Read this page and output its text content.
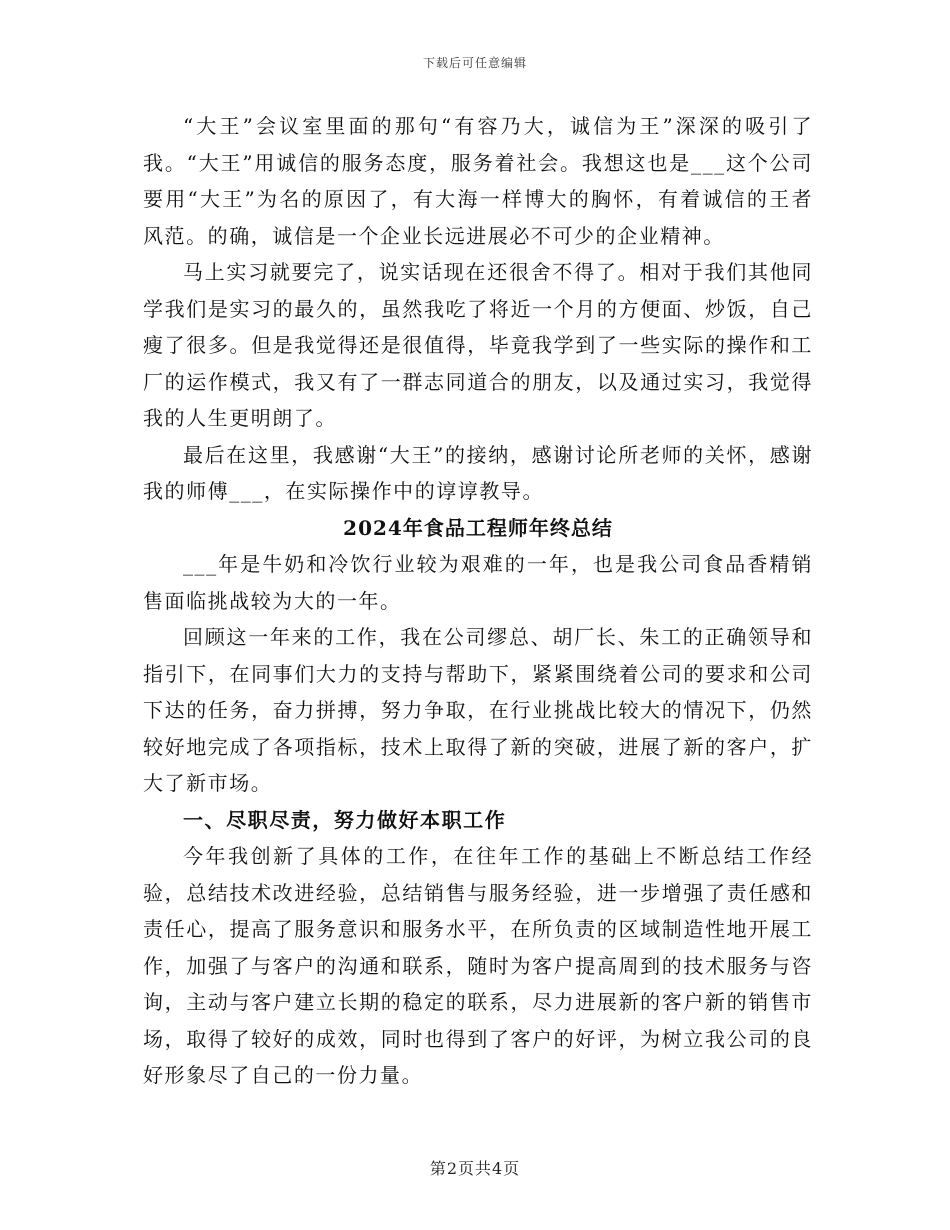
下载后可任意编辑

“大王”会议室里面的那句“有容乃大，诚信为王”深深的吸引了我。“大王”用诚信的服务态度，服务着社会。我想这也是___这个公司要用“大王”为名的原因了，有大海一样博大的胸怀，有着诚信的王者风范。的确，诚信是一个企业长远进展必不可少的企业精神。

马上实习就要完了，说实话现在还很舍不得了。相对于我们其他同学我们是实习的最久的，虽然我吃了将近一个月的方便面、炒饭，自己瘦了很多。但是我觉得还是很值得，毕竟我学到了一些实际的操作和工厂的运作模式，我又有了一群志同道合的朋友，以及通过实习，我觉得我的人生更明朗了。

最后在这里，我感谢“大王”的接纳，感谢讨论所老师的关怀，感谢我的师傅___，在实际操作中的谆谆教导。

2024年食品工程师年终总结

___年是牛奶和冷饮行业较为艰难的一年，也是我公司食品香精销售面临挑战较为大的一年。

回顾这一年来的工作，我在公司缪总、胡厂长、朱工的正确领导和指引下，在同事们大力的支持与帮助下，紧紧围绕着公司的要求和公司下达的任务，奋力拼搏，努力争取，在行业挑战比较大的情况下，仍然较好地完成了各项指标，技术上取得了新的突破，进展了新的客户，扩大了新市场。

一、尽职尽责，努力做好本职工作

今年我创新了具体的工作，在往年工作的基础上不断总结工作经验，总结技术改进经验，总结销售与服务经验，进一步增强了责任感和责任心，提高了服务意识和服务水平，在所负责的区域制造性地开展工作，加强了与客户的沟通和联系，随时为客户提高周到的技术服务与咨询，主动与客户建立长期的稳定的联系，尽力进展新的客户新的销售市场，取得了较好的成效，同时也得到了客户的好评，为树立我公司的良好形象尽了自己的一份力量。

第2页共4页
